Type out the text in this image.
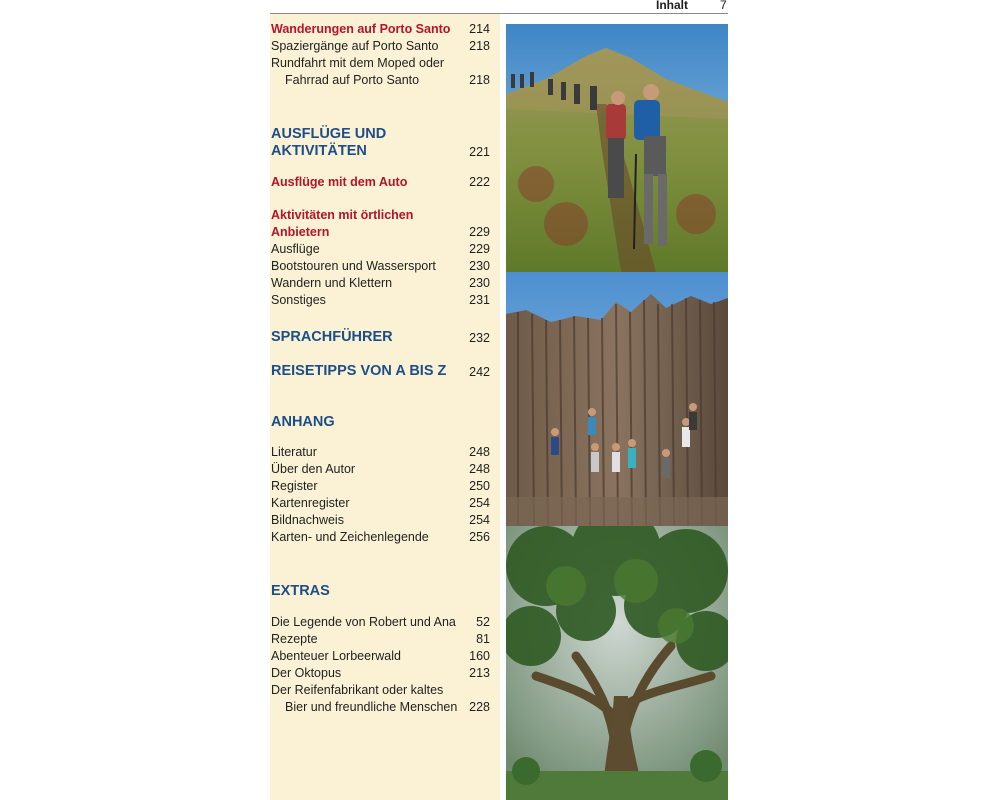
Inhalt	7
Wanderungen auf Porto Santo 214
Spaziergänge auf Porto Santo 218
Rundfahrt mit dem Moped oder
Fahrrad auf Porto Santo	218
AUSFLÜGE UND
AKTIVITÄTEN	221
Ausflüge mit dem Auto	222
Aktivitäten mit örtlichen
Anbietern	229
Ausflüge	229
Bootstouren und Wassersport	230
Wandern und Klettern	230
Sonstiges	231
SPRACHFÜHRER	232
REISETIPPS VON A BIS Z	242
ANHANG
Literatur	248
Über den Autor	248
Register	250
Kartenregister	254
Bildnachweis	254
Karten- und Zeichenlegende	256
EXTRAS
Die Legende von Robert und Ana 52
Rezepte	81
Abenteuer Lorbeerwald	160
Der Oktopus	213
Der Reifenfabrikant oder kaltes
Bier und freundliche Menschen 228
